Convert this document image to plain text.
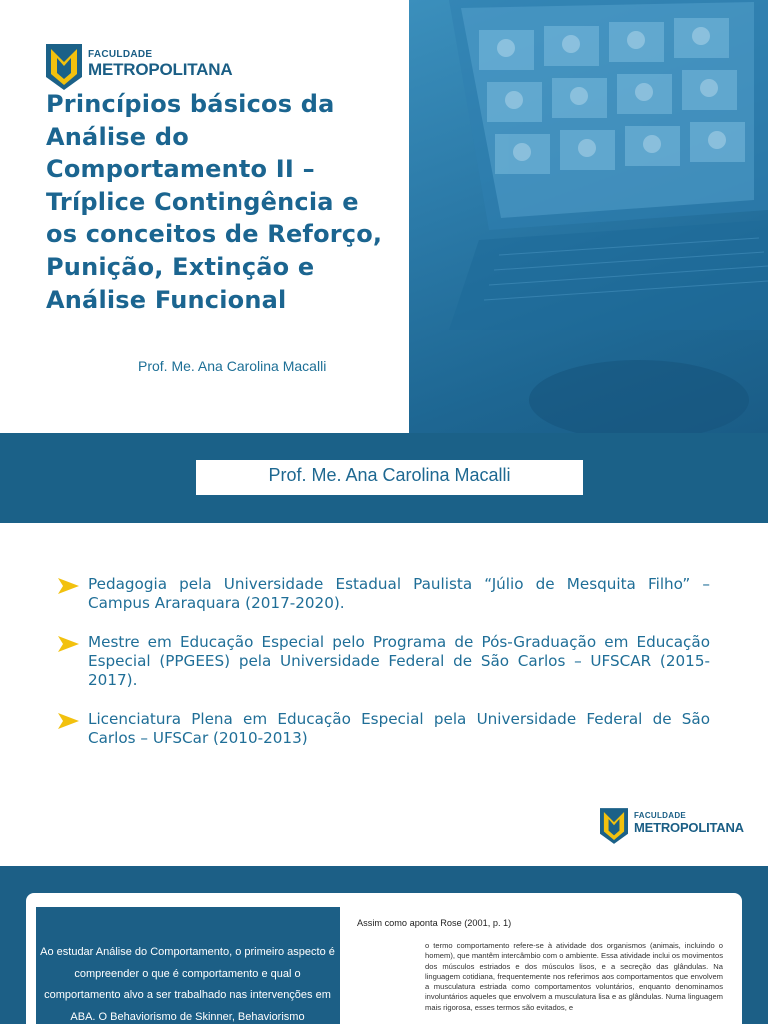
FACULDADE
METROPOLITANA
Princípios básicos da Análise do Comportamento II – Tríplice Contingência e os conceitos de Reforço, Punição, Extinção e Análise Funcional
Prof. Me. Ana Carolina Macalli
Prof. Me. Ana Carolina Macalli
Pedagogia pela Universidade Estadual Paulista “Júlio de Mesquita Filho” – Campus Araraquara (2017-2020).
Mestre em Educação Especial pelo Programa de Pós-Graduação em Educação Especial (PPGEES) pela Universidade Federal de São Carlos – UFSCAR (2015-2017).
Licenciatura Plena em Educação Especial pela Universidade Federal de São Carlos – UFSCar (2010-2013)
FACULDADE
METROPOLITANA

Ao estudar Análise do Comportamento, o primeiro aspecto é compreender o que é comportamento e qual o comportamento alvo a ser trabalhado nas intervenções em ABA. O Behaviorismo de Skinner, Behaviorismo

Assim como aponta Rose (2001, p. 1)

o termo comportamento refere-se à atividade dos organismos (animais, incluindo o homem), que mantêm intercâmbio com o ambiente. Essa atividade inclui os movimentos dos músculos estriados e dos músculos lisos, e a secreção das glândulas. Na linguagem cotidiana, frequentemente nos referimos aos comportamentos que envolvem a musculatura estriada como comportamentos voluntários, enquanto denominamos involuntários aqueles que envolvem a musculatura lisa e as glândulas. Numa linguagem mais rigorosa, esses termos são evitados, e
